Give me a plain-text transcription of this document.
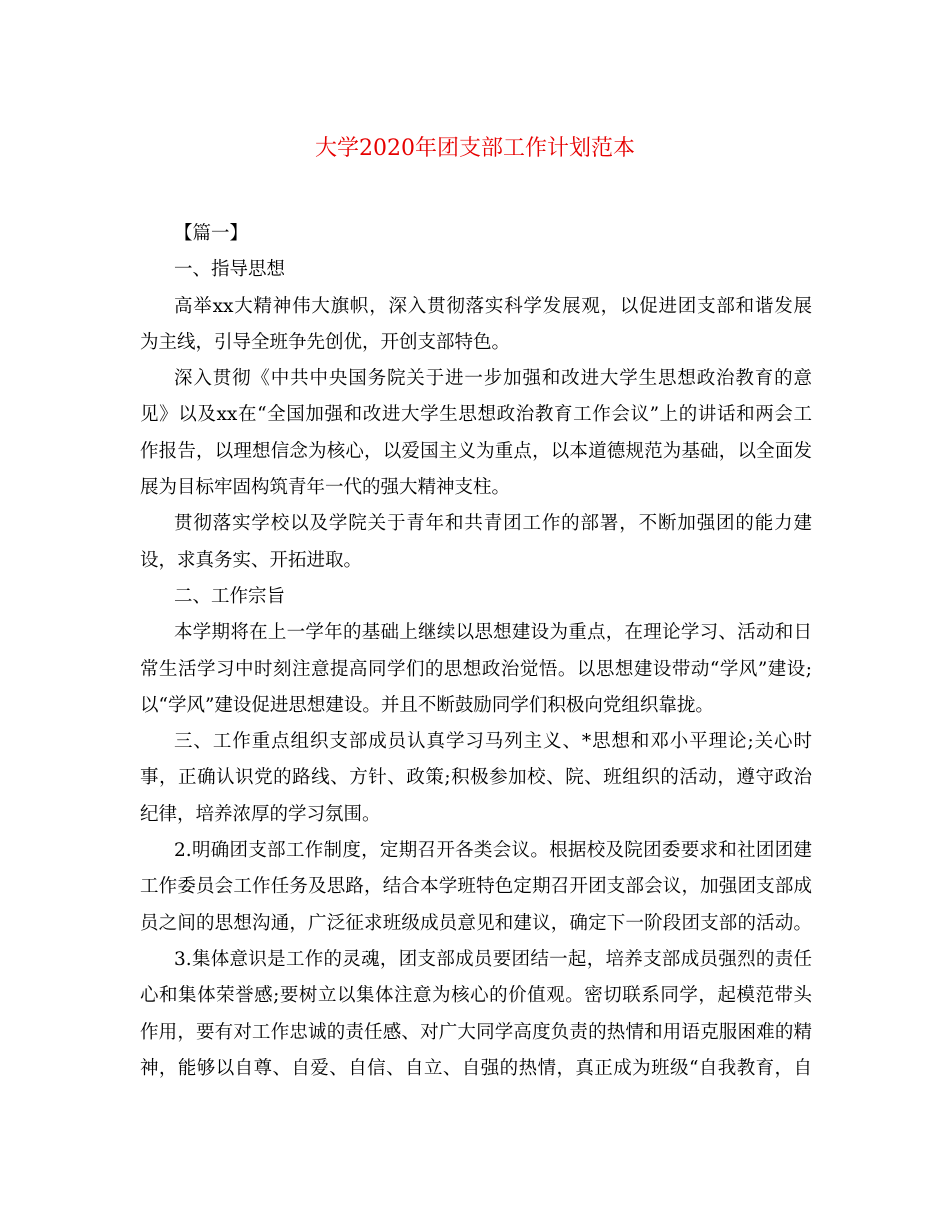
大学2020年团支部工作计划范本
【篇一】
一、指导思想
高举xx大精神伟大旗帜，深入贯彻落实科学发展观，以促进团支部和谐发展
为主线，引导全班争先创优，开创支部特色。
深入贯彻《中共中央国务院关于进一步加强和改进大学生思想政治教育的意
见》以及xx在“全国加强和改进大学生思想政治教育工作会议”上的讲话和两会工
作报告，以理想信念为核心，以爱国主义为重点，以本道德规范为基础，以全面发
展为目标牢固构筑青年一代的强大精神支柱。
贯彻落实学校以及学院关于青年和共青团工作的部署，不断加强团的能力建
设，求真务实、开拓进取。
二、工作宗旨
本学期将在上一学年的基础上继续以思想建设为重点，在理论学习、活动和日
常生活学习中时刻注意提高同学们的思想政治觉悟。以思想建设带动“学风”建设;
以“学风”建设促进思想建设。并且不断鼓励同学们积极向党组织靠拢。
三、工作重点组织支部成员认真学习马列主义、*思想和邓小平理论;关心时
事，正确认识党的路线、方针、政策;积极参加校、院、班组织的活动，遵守政治
纪律，培养浓厚的学习氛围。
2.明确团支部工作制度，定期召开各类会议。根据校及院团委要求和社团团建
工作委员会工作任务及思路，结合本学班特色定期召开团支部会议，加强团支部成
员之间的思想沟通，广泛征求班级成员意见和建议，确定下一阶段团支部的活动。
3.集体意识是工作的灵魂，团支部成员要团结一起，培养支部成员强烈的责任
心和集体荣誉感;要树立以集体注意为核心的价值观。密切联系同学，起模范带头
作用，要有对工作忠诚的责任感、对广大同学高度负责的热情和用语克服困难的精
神，能够以自尊、自爱、自信、自立、自强的热情，真正成为班级“自我教育，自
